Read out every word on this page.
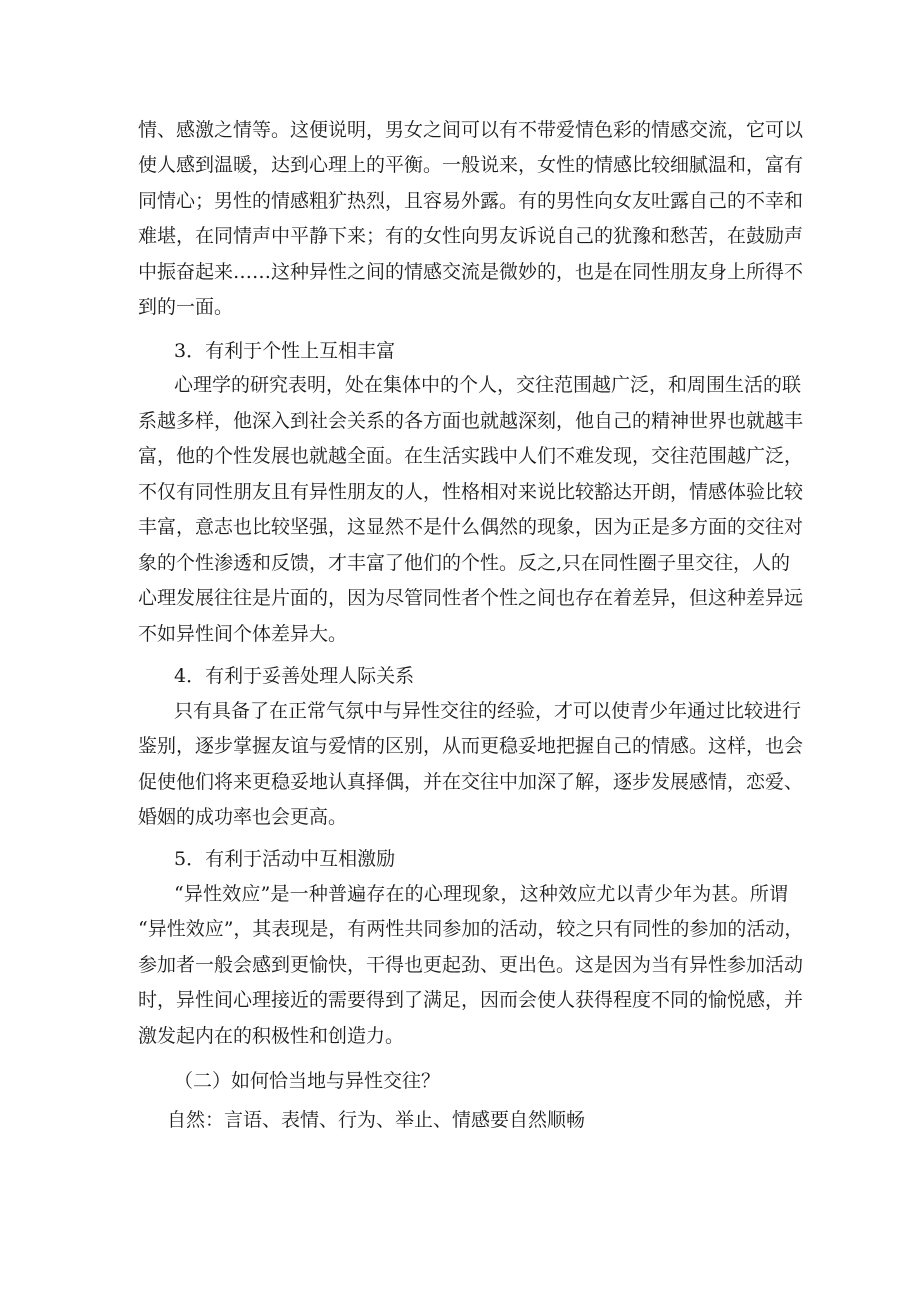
情、感激之情等。这便说明，男女之间可以有不带爱情色彩的情感交流，它可以
使人感到温暖，达到心理上的平衡。一般说来，女性的情感比较细腻温和，富有
同情心；男性的情感粗犷热烈，且容易外露。有的男性向女友吐露自己的不幸和
难堪，在同情声中平静下来；有的女性向男友诉说自己的犹豫和愁苦，在鼓励声
中振奋起来……这种异性之间的情感交流是微妙的，也是在同性朋友身上所得不
到的一面。
3．有利于个性上互相丰富
心理学的研究表明，处在集体中的个人，交往范围越广泛，和周围生活的联
系越多样，他深入到社会关系的各方面也就越深刻，他自己的精神世界也就越丰
富，他的个性发展也就越全面。在生活实践中人们不难发现，交往范围越广泛，
不仅有同性朋友且有异性朋友的人，性格相对来说比较豁达开朗，情感体验比较
丰富，意志也比较坚强，这显然不是什么偶然的现象，因为正是多方面的交往对
象的个性渗透和反馈，才丰富了他们的个性。反之,只在同性圈子里交往，人的
心理发展往往是片面的，因为尽管同性者个性之间也存在着差异，但这种差异远
不如异性间个体差异大。
4．有利于妥善处理人际关系
只有具备了在正常气氛中与异性交往的经验，才可以使青少年通过比较进行
鉴别，逐步掌握友谊与爱情的区别，从而更稳妥地把握自己的情感。这样，也会
促使他们将来更稳妥地认真择偶，并在交往中加深了解，逐步发展感情，恋爱、
婚姻的成功率也会更高。
5．有利于活动中互相激励
“异性效应”是一种普遍存在的心理现象，这种效应尤以青少年为甚。所谓
“异性效应”，其表现是，有两性共同参加的活动，较之只有同性的参加的活动，
参加者一般会感到更愉快，干得也更起劲、更出色。这是因为当有异性参加活动
时，异性间心理接近的需要得到了满足，因而会使人获得程度不同的愉悦感，并
激发起内在的积极性和创造力。
（二）如何恰当地与异性交往？
自然：言语、表情、行为、举止、情感要自然顺畅
